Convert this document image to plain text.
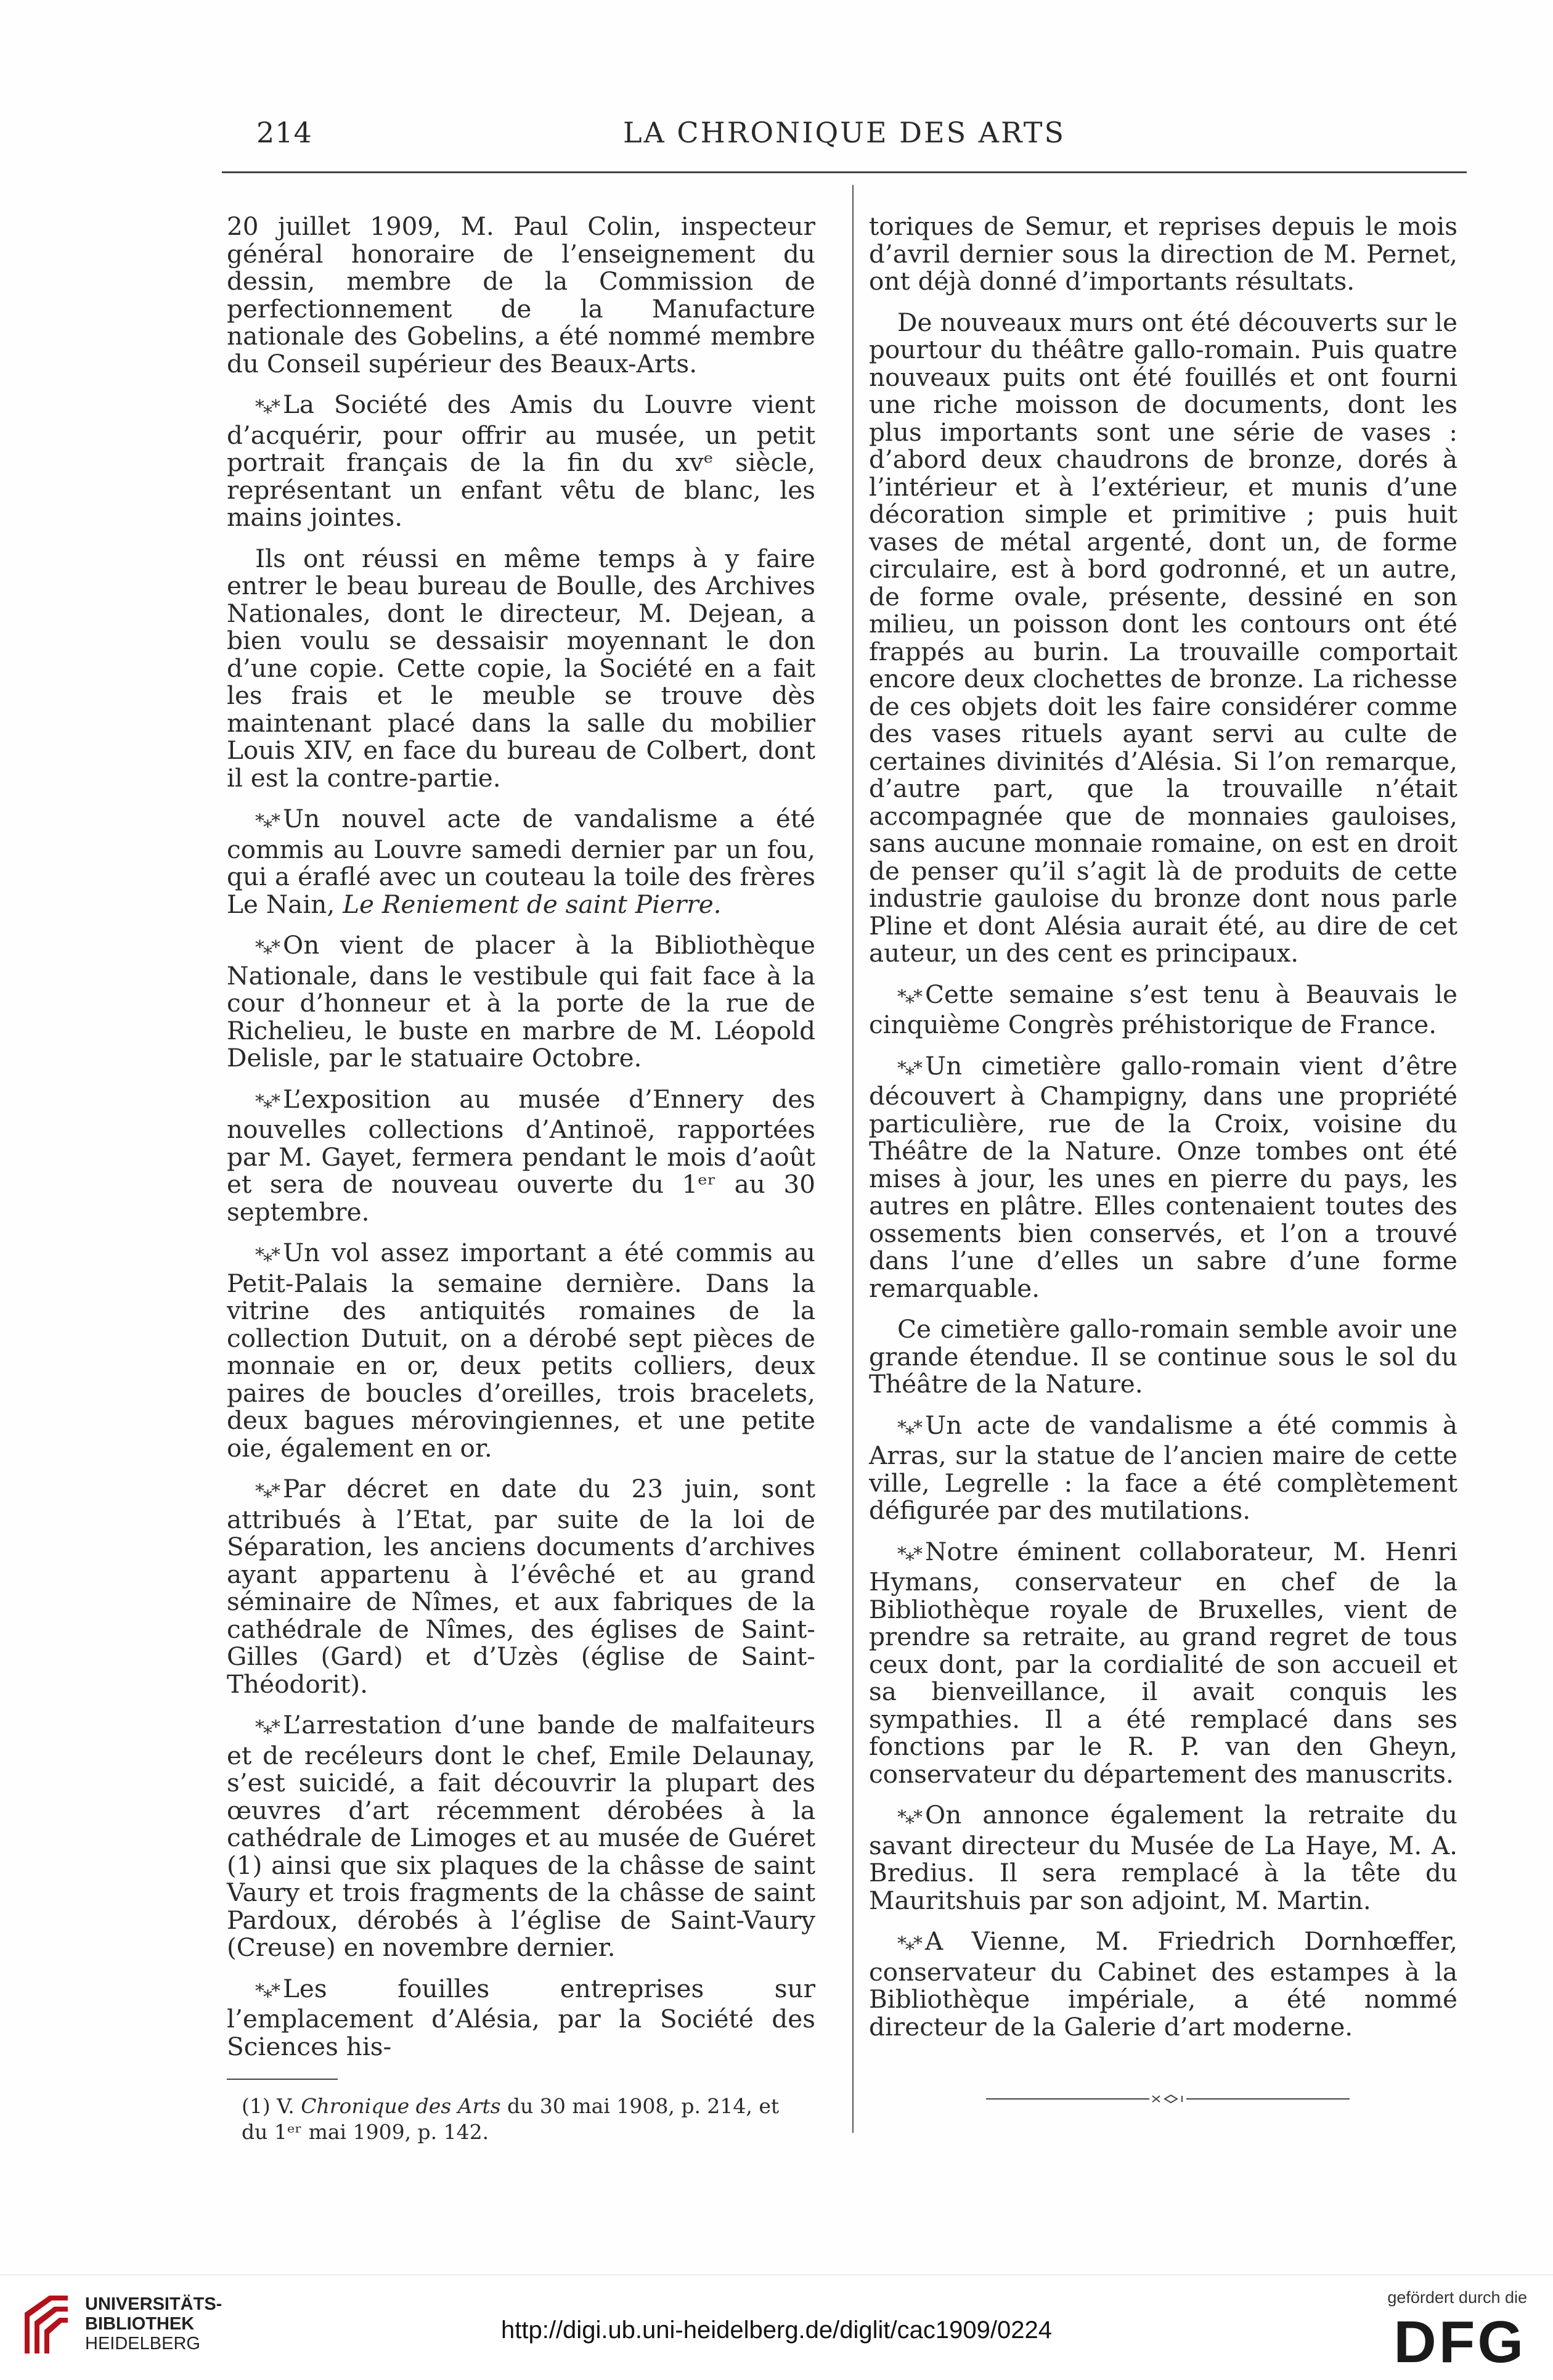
214	LA CHRONIQUE DES ARTS

20 juillet 1909, M. Paul Colin, inspecteur général honoraire de l’enseignement du dessin, membre de la Commission de perfectionnement de la Manufacture nationale des Gobelins, a été nommé membre du Conseil supérieur des Beaux-Arts.

*⁎* La Société des Amis du Louvre vient d’acquérir, pour offrir au musée, un petit portrait français de la fin du xvᵉ siècle, représentant un enfant vêtu de blanc, les mains jointes.

Ils ont réussi en même temps à y faire entrer le beau bureau de Boulle, des Archives Nationales, dont le directeur, M. Dejean, a bien voulu se dessaisir moyennant le don d’une copie. Cette copie, la Société en a fait les frais et le meuble se trouve dès maintenant placé dans la salle du mobilier Louis XIV, en face du bureau de Colbert, dont il est la contre-partie.

*⁎* Un nouvel acte de vandalisme a été commis au Louvre samedi dernier par un fou, qui a éraflé avec un couteau la toile des frères Le Nain, Le Reniement de saint Pierre.

*⁎* On vient de placer à la Bibliothèque Nationale, dans le vestibule qui fait face à la cour d’honneur et à la porte de la rue de Richelieu, le buste en marbre de M. Léopold Delisle, par le statuaire Octobre.

*⁎* L’exposition au musée d’Ennery des nouvelles collections d’Antinoë, rapportées par M. Gayet, fermera pendant le mois d’août et sera de nouveau ouverte du 1ᵉʳ au 30 septembre.

*⁎* Un vol assez important a été commis au Petit-Palais la semaine dernière. Dans la vitrine des antiquités romaines de la collection Dutuit, on a dérobé sept pièces de monnaie en or, deux petits colliers, deux paires de boucles d’oreilles, trois bracelets, deux bagues mérovingiennes, et une petite oie, également en or.

*⁎* Par décret en date du 23 juin, sont attribués à l’Etat, par suite de la loi de Séparation, les anciens documents d’archives ayant appartenu à l’évêché et au grand séminaire de Nîmes, et aux fabriques de la cathédrale de Nîmes, des églises de Saint-Gilles (Gard) et d’Uzès (église de Saint-Théodorit).

*⁎* L’arrestation d’une bande de malfaiteurs et de recéleurs dont le chef, Emile Delaunay, s’est suicidé, a fait découvrir la plupart des œuvres d’art récemment dérobées à la cathédrale de Limoges et au musée de Guéret (1) ainsi que six plaques de la châsse de saint Vaury et trois fragments de la châsse de saint Pardoux, dérobés à l’église de Saint-Vaury (Creuse) en novembre dernier.

*⁎* Les fouilles entreprises sur l’emplacement d’Alésia, par la Société des Sciences his-

toriques de Semur, et reprises depuis le mois d’avril dernier sous la direction de M. Pernet, ont déjà donné d’importants résultats.

De nouveaux murs ont été découverts sur le pourtour du théâtre gallo-romain. Puis quatre nouveaux puits ont été fouillés et ont fourni une riche moisson de documents, dont les plus importants sont une série de vases : d’abord deux chaudrons de bronze, dorés à l’intérieur et à l’extérieur, et munis d’une décoration simple et primitive ; puis huit vases de métal argenté, dont un, de forme circulaire, est à bord godronné, et un autre, de forme ovale, présente, dessiné en son milieu, un poisson dont les contours ont été frappés au burin. La trouvaille comportait encore deux clochettes de bronze. La richesse de ces objets doit les faire considérer comme des vases rituels ayant servi au culte de certaines divinités d’Alésia. Si l’on remarque, d’autre part, que la trouvaille n’était accompagnée que de monnaies gauloises, sans aucune monnaie romaine, on est en droit de penser qu’il s’agit là de produits de cette industrie gauloise du bronze dont nous parle Pline et dont Alésia aurait été, au dire de cet auteur, un des cent es principaux.

*⁎* Cette semaine s’est tenu à Beauvais le cinquième Congrès préhistorique de France.

*⁎* Un cimetière gallo-romain vient d’être découvert à Champigny, dans une propriété particulière, rue de la Croix, voisine du Théâtre de la Nature. Onze tombes ont été mises à jour, les unes en pierre du pays, les autres en plâtre. Elles contenaient toutes des ossements bien conservés, et l’on a trouvé dans l’une d’elles un sabre d’une forme remarquable.

Ce cimetière gallo-romain semble avoir une grande étendue. Il se continue sous le sol du Théâtre de la Nature.

*⁎* Un acte de vandalisme a été commis à Arras, sur la statue de l’ancien maire de cette ville, Legrelle : la face a été complètement défigurée par des mutilations.

*⁎* Notre éminent collaborateur, M. Henri Hymans, conservateur en chef de la Bibliothèque royale de Bruxelles, vient de prendre sa retraite, au grand regret de tous ceux dont, par la cordialité de son accueil et sa bienveillance, il avait conquis les sympathies. Il a été remplacé dans ses fonctions par le R. P. van den Gheyn, conservateur du département des manuscrits.

*⁎* On annonce également la retraite du savant directeur du Musée de La Haye, M. A. Bredius. Il sera remplacé à la tête du Mauritshuis par son adjoint, M. Martin.

*⁎* A Vienne, M. Friedrich Dornhœffer, conservateur du Cabinet des estampes à la Bibliothèque impériale, a été nommé directeur de la Galerie d’art moderne.

(1) V. Chronique des Arts du 30 mai 1908, p. 214, et du 1ᵉʳ mai 1909, p. 142.
UNIVERSITÄTS-
BIBLIOTHEK
HEIDELBERG	http://digi.ub.uni-heidelberg.de/diglit/cac1909/0224
gefördert durch die
DFG
